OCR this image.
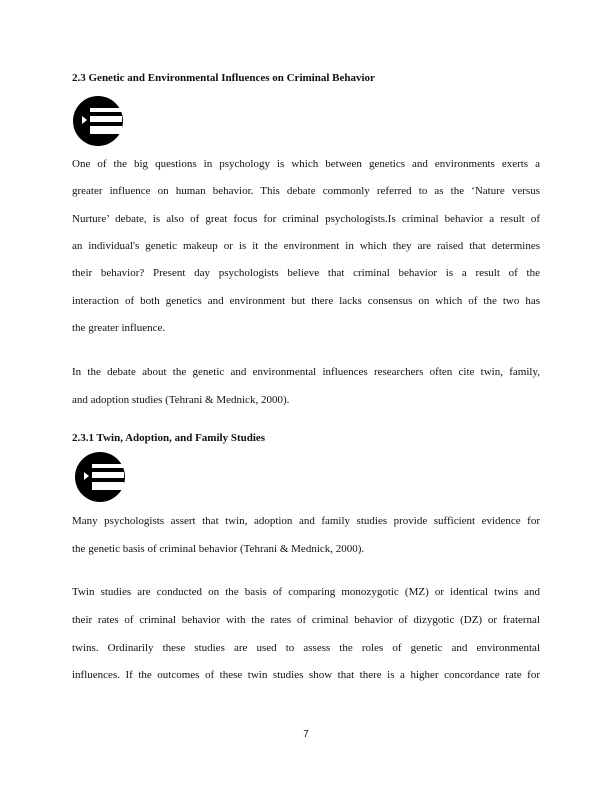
2.3 Genetic and Environmental Influences on Criminal Behavior
One of the big questions in psychology is which between genetics and environments exerts a
greater influence on human behavior. This debate commonly referred to as the ‘Nature versus
Nurture’ debate, is also of great focus for criminal psychologists.Is criminal behavior a result of
an individual's genetic makeup or is it the environment in which they are raised that determines
their behavior? Present day psychologists believe that criminal behavior is a result of the
interaction of both genetics and environment but there lacks consensus on which of the two has
the greater influence.
In the debate about the genetic and environmental influences researchers often cite twin, family,
and adoption studies (Tehrani & Mednick, 2000).
2.3.1 Twin, Adoption, and Family Studies
Many psychologists assert that twin, adoption and family studies provide sufficient evidence for
the genetic basis of criminal behavior (Tehrani & Mednick, 2000).
Twin studies are conducted on the basis of comparing monozygotic (MZ) or identical twins and
their rates of criminal behavior with the rates of criminal behavior of dizygotic (DZ) or fraternal
twins. Ordinarily these studies are used to assess the roles of genetic and environmental
influences. If the outcomes of these twin studies show that there is a higher concordance rate for
7
